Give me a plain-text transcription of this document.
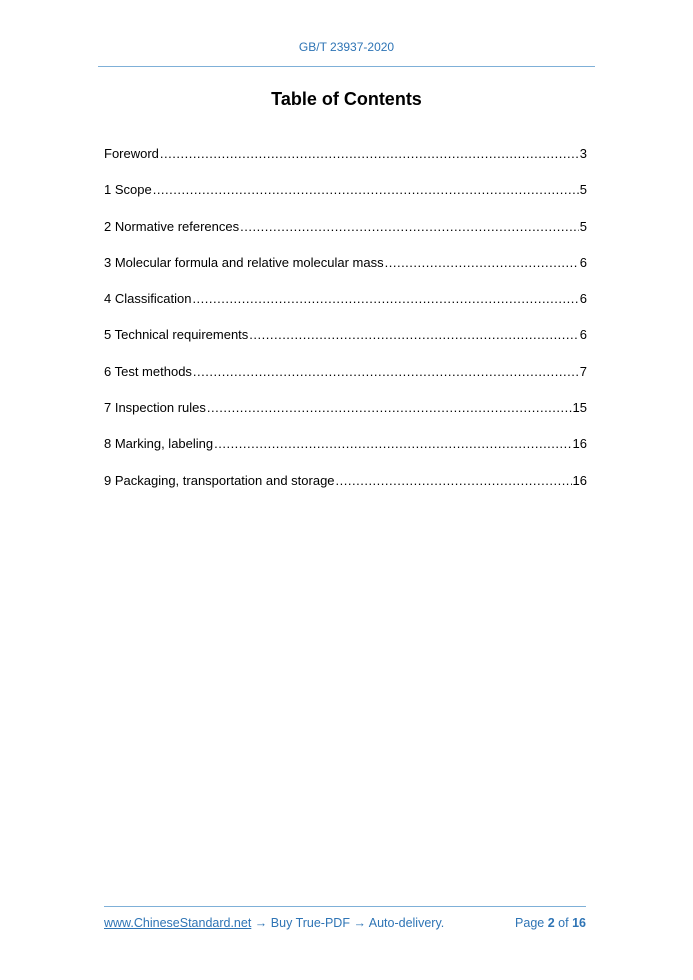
GB/T 23937-2020
Table of Contents
Foreword .....	3
1 Scope .....	5
2 Normative references .....	5
3 Molecular formula and relative molecular mass .....	6
4 Classification .....	6
5 Technical requirements .....	6
6 Test methods .....	7
7 Inspection rules .....	15
8 Marking, labeling .....	16
9 Packaging, transportation and storage .....	16
www.ChineseStandard.net → Buy True-PDF → Auto-delivery.	Page 2 of 16
